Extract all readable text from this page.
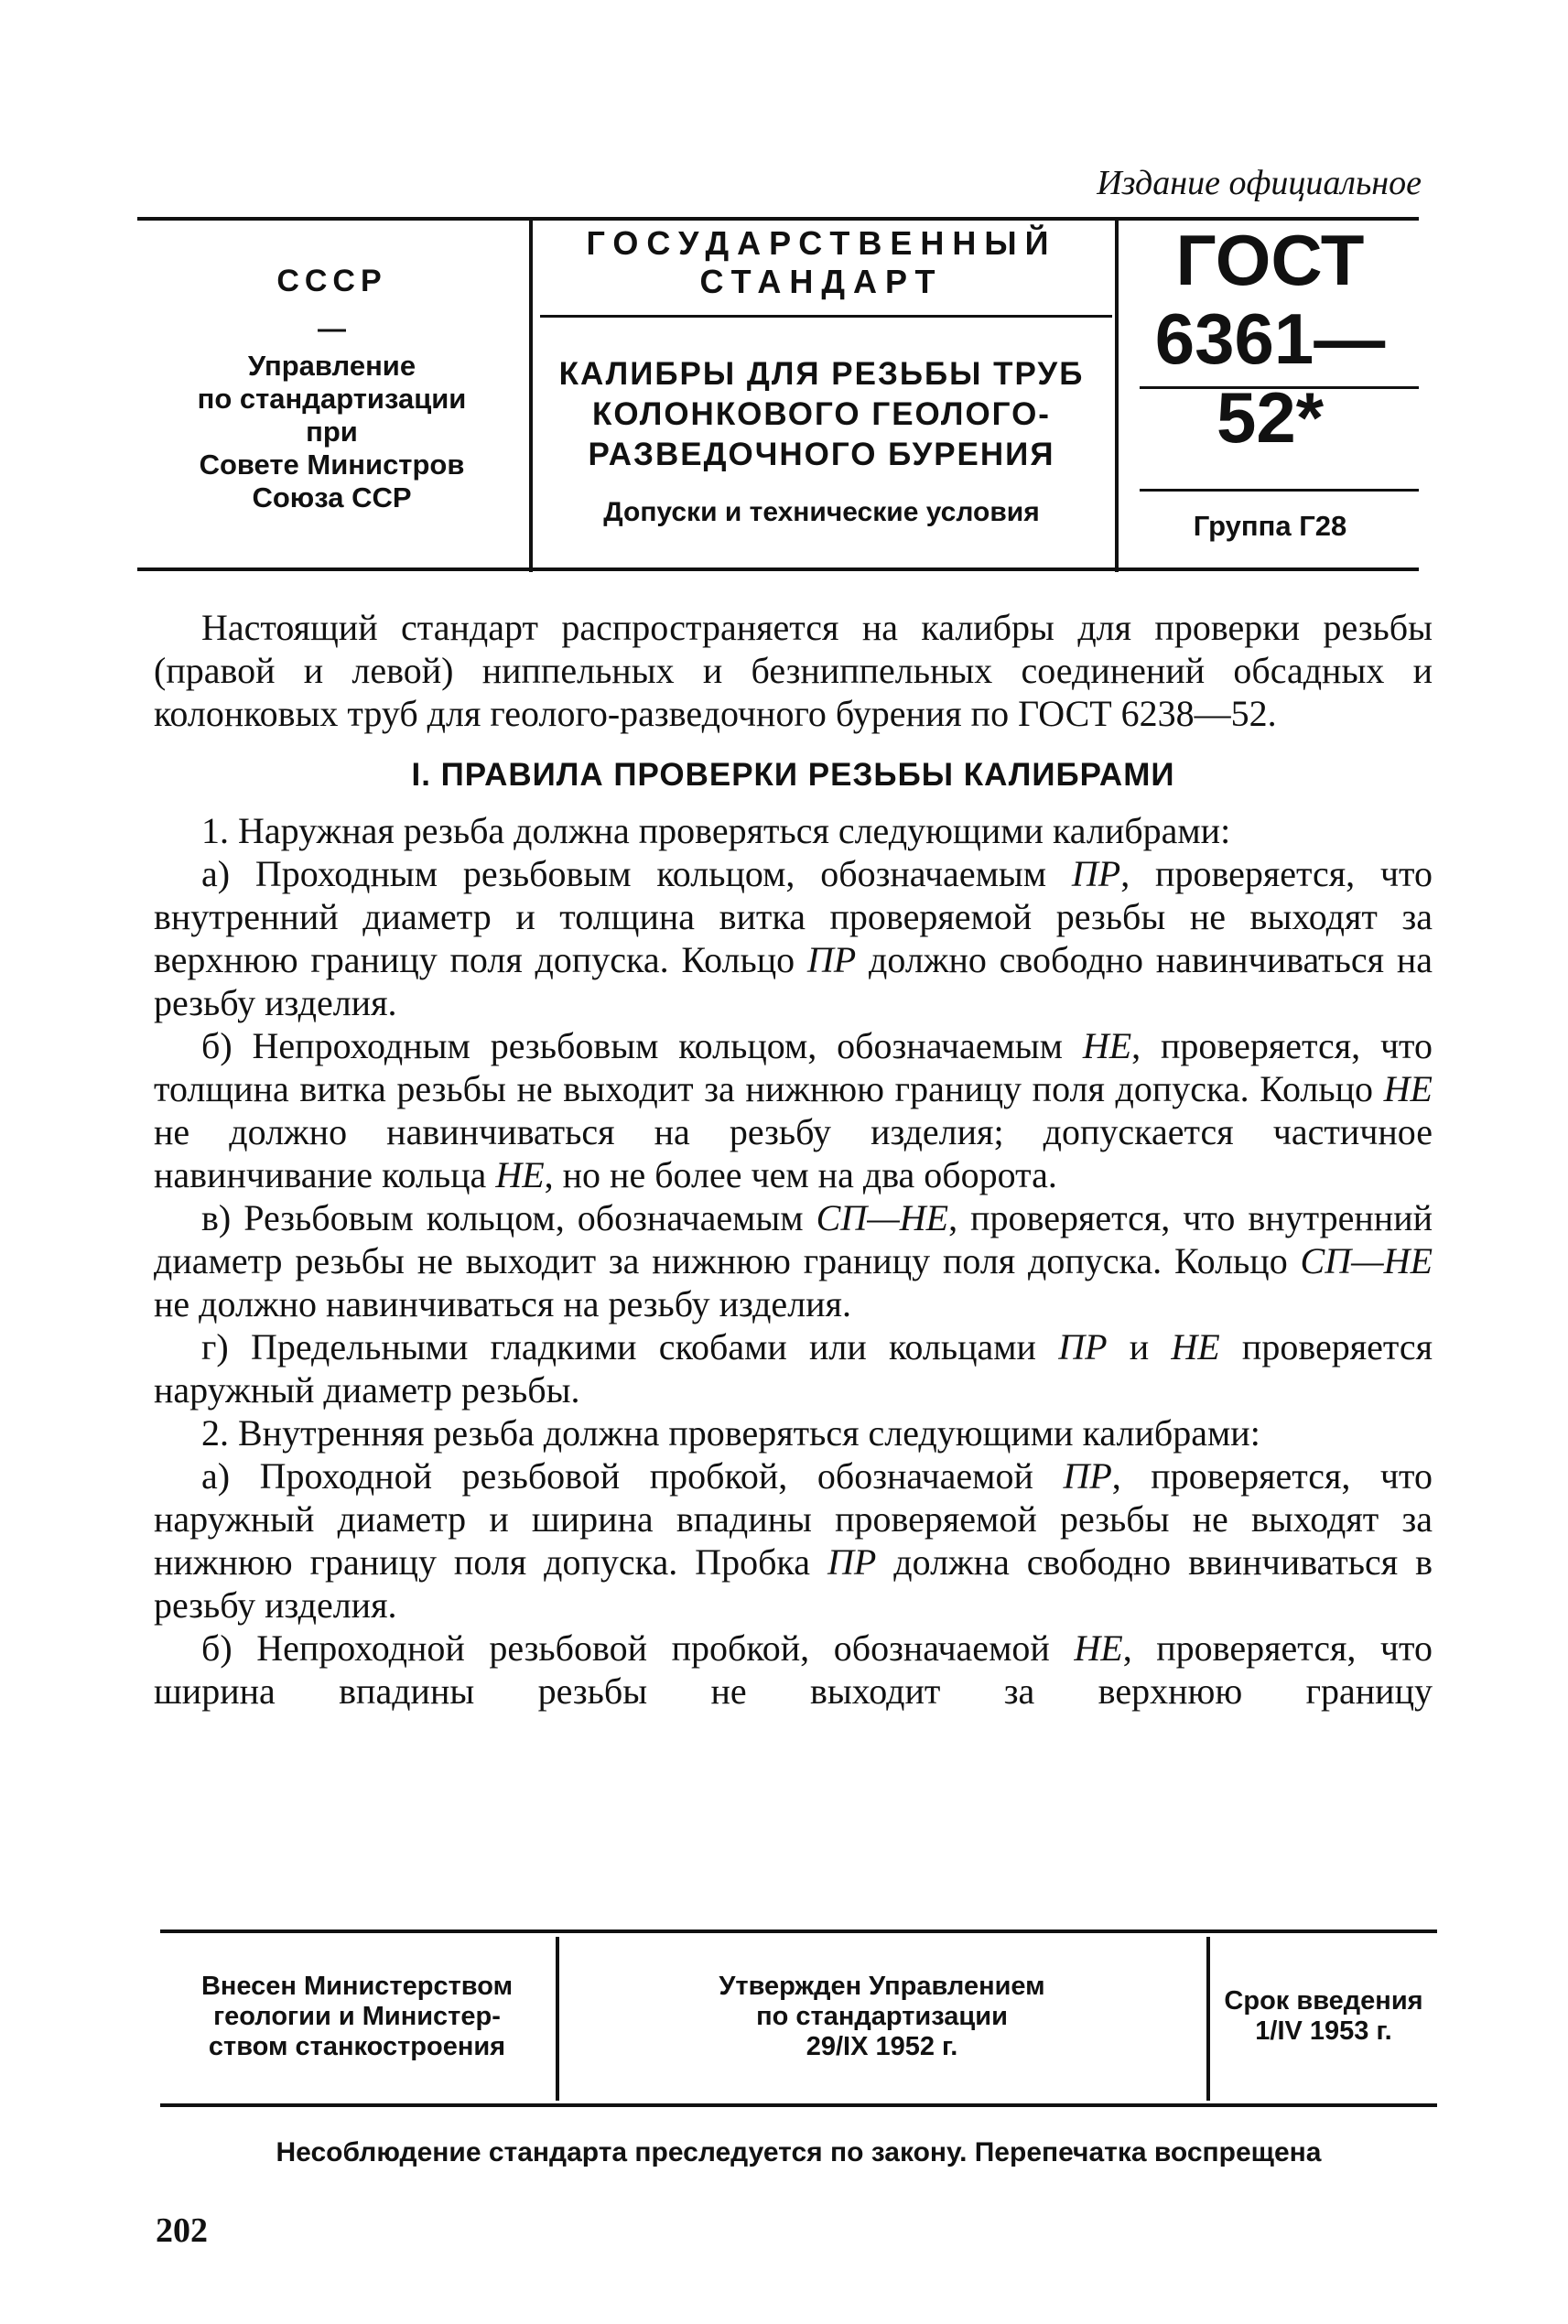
Издание официальное
СССР
—
Управление
по стандартизации
при
Совете Министров
Союза ССР
ГОСУДАРСТВЕННЫЙ
СТАНДАРТ
КАЛИБРЫ ДЛЯ РЕЗЬБЫ ТРУБ
КОЛОНКОВОГО ГЕОЛОГО-
РАЗВЕДОЧНОГО БУРЕНИЯ
Допуски и технические условия
ГОСТ
6361—52*
Группа Г28

Настоящий стандарт распространяется на калибры для проверки резьбы (правой и левой) ниппельных и безниппельных соединений обсадных и колонковых труб для геолого-разведочного бурения по ГОСТ 6238—52.

I. ПРАВИЛА ПРОВЕРКИ РЕЗЬБЫ КАЛИБРАМИ

1. Наружная резьба должна проверяться следующими калибрами:

а) Проходным резьбовым кольцом, обозначаемым ПР, проверяется, что внутренний диаметр и толщина витка проверяемой резьбы не выходят за верхнюю границу поля допуска. Кольцо ПР должно свободно навинчиваться на резьбу изделия.

б) Непроходным резьбовым кольцом, обозначаемым НЕ, проверяется, что толщина витка резьбы не выходит за нижнюю границу поля допуска. Кольцо НЕ не должно навинчиваться на резьбу изделия; допускается частичное навинчивание кольца НЕ, но не более чем на два оборота.

в) Резьбовым кольцом, обозначаемым СП—НЕ, проверяется, что внутренний диаметр резьбы не выходит за нижнюю границу поля допуска. Кольцо СП—НЕ не должно навинчиваться на резьбу изделия.

г) Предельными гладкими скобами или кольцами ПР и НЕ проверяется наружный диаметр резьбы.

2. Внутренняя резьба должна проверяться следующими калибрами:

а) Проходной резьбовой пробкой, обозначаемой ПР, проверяется, что наружный диаметр и ширина впадины проверяемой резьбы не выходят за нижнюю границу поля допуска. Пробка ПР должна свободно ввинчиваться в резьбу изделия.

б) Непроходной резьбовой пробкой, обозначаемой НЕ, проверяется, что ширина впадины резьбы не выходит за верхнюю границу

Внесен Министерством
геологии и Министер-
ством станкостроения
Утвержден Управлением
по стандартизации
29/IX 1952 г.
Срок введения
1/IV 1953 г.
Несоблюдение стандарта преследуется по закону. Перепечатка воспрещена
202
